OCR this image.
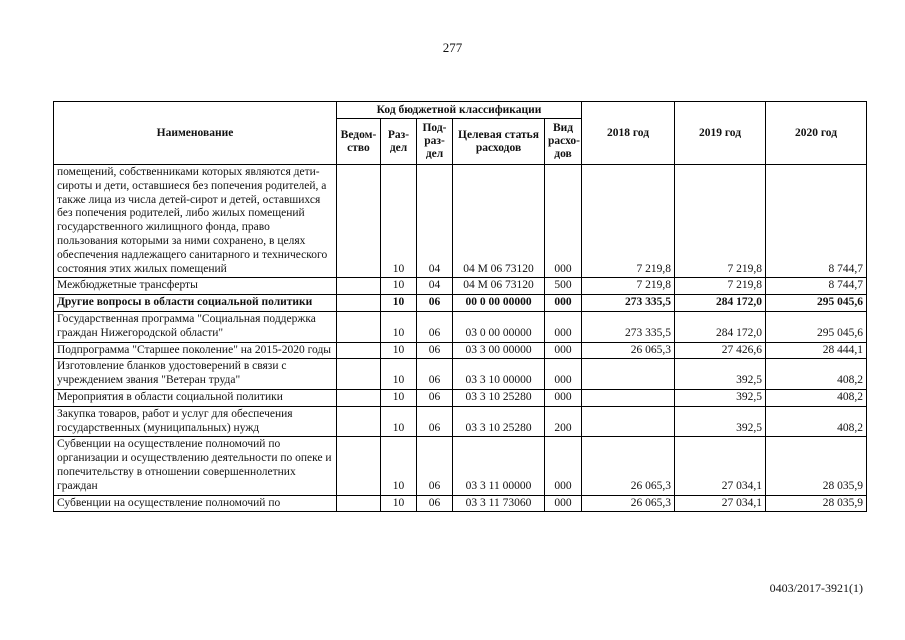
277
Наименование	Код бюджетной классификации					2018 год	2019 год	2020 год
	Ведом-ство	Раз-дел	Под-раз-дел	Целевая статья расходов	Вид расхо-дов			
помещений, собственниками которых являются дети-сироты и дети, оставшиеся без попечения родителей, а также лица из числа детей-сирот и детей, оставшихся без попечения родителей, либо жилых помещений государственного жилищного фонда, право пользования которыми за ними сохранено, в целях обеспечения надлежащего санитарного и технического состояния этих жилых помещений		10	04	04 М 06 73120	000	7 219,8	7 219,8	8 744,7
Межбюджетные трансферты		10	04	04 М 06 73120	500	7 219,8	7 219,8	8 744,7
Другие вопросы в области социальной политики		10	06	00 0 00 00000	000	273 335,5	284 172,0	295 045,6
Государственная программа "Социальная поддержка граждан Нижегородской области"		10	06	03 0 00 00000	000	273 335,5	284 172,0	295 045,6
Подпрограмма "Старшее поколение" на 2015-2020 годы		10	06	03 3 00 00000	000	26 065,3	27 426,6	28 444,1
Изготовление бланков удостоверений в связи с учреждением звания "Ветеран труда"		10	06	03 3 10 00000	000		392,5	408,2
Мероприятия в области социальной политики		10	06	03 3 10 25280	000		392,5	408,2
Закупка товаров, работ и услуг для обеспечения государственных (муниципальных) нужд		10	06	03 3 10 25280	200		392,5	408,2
Субвенции на осуществление полномочий по организации и осуществлению деятельности по опеке и попечительству в отношении совершеннолетних граждан		10	06	03 3 11 00000	000	26 065,3	27 034,1	28 035,9
Субвенции на осуществление полномочий по		10	06	03 3 11 73060	000	26 065,3	27 034,1	28 035,9
0403/2017-3921(1)
